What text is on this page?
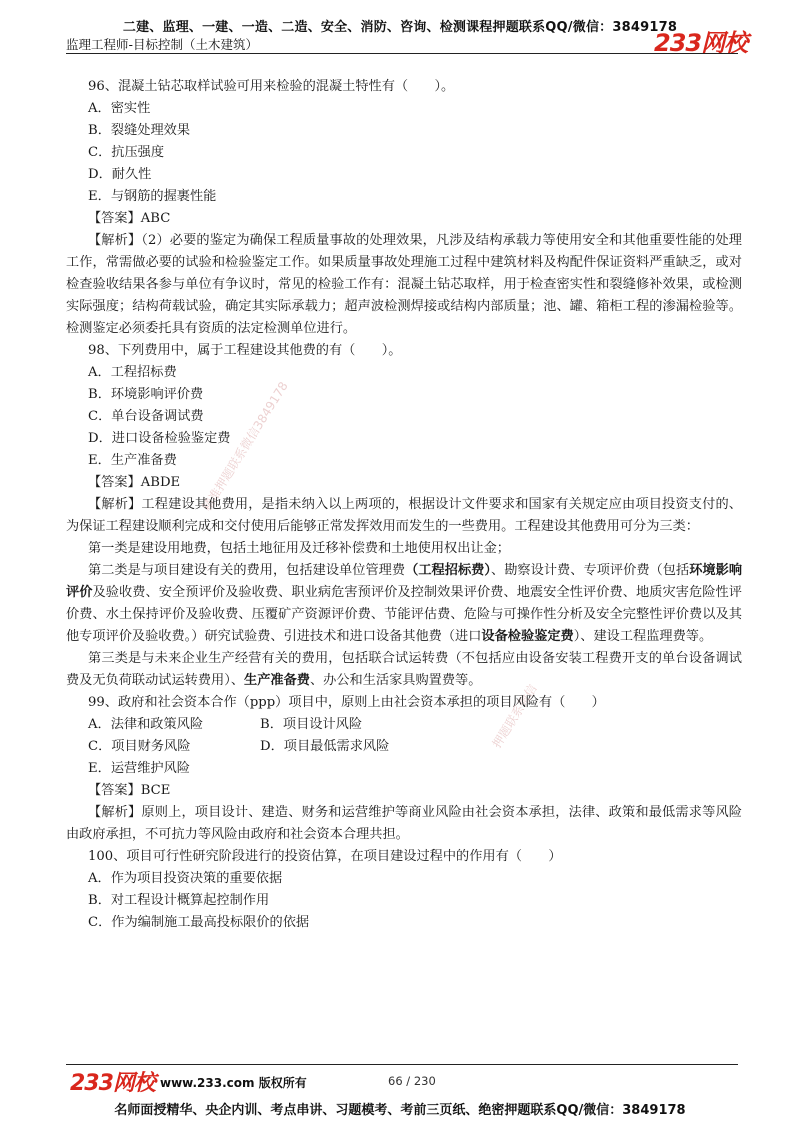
二建、监理、一建、一造、二造、安全、消防、咨询、检测课程押题联系QQ/微信：3849178
监理工程师-目标控制（土木建筑）	233网校
精准押题联系微信3849178
押题联系微信

96、混凝土钻芯取样试验可用来检验的混凝土特性有（　　）。

A．密实性

B．裂缝处理效果

C．抗压强度

D．耐久性

E．与钢筋的握裹性能

【答案】ABC

【解析】（2）必要的鉴定为确保工程质量事故的处理效果，凡涉及结构承载力等使用安全和其他重要性能的处理工作，常需做必要的试验和检验鉴定工作。如果质量事故处理施工过程中建筑材料及构配件保证资料严重缺乏，或对检查验收结果各参与单位有争议时，常见的检验工作有：混凝土钻芯取样，用于检查密实性和裂缝修补效果，或检测实际强度；结构荷载试验，确定其实际承载力；超声波检测焊接或结构内部质量；池、罐、箱柜工程的渗漏检验等。检测鉴定必须委托具有资质的法定检测单位进行。

98、下列费用中，属于工程建设其他费的有（　　）。

A．工程招标费

B．环境影响评价费

C．单台设备调试费

D．进口设备检验鉴定费

E．生产准备费

【答案】ABDE

【解析】工程建设其他费用，是指未纳入以上两项的，根据设计文件要求和国家有关规定应由项目投资支付的、为保证工程建设顺利完成和交付使用后能够正常发挥效用而发生的一些费用。工程建设其他费用可分为三类：

第一类是建设用地费，包括土地征用及迁移补偿费和土地使用权出让金；

第二类是与项目建设有关的费用，包括建设单位管理费（工程招标费）、勘察设计费、专项评价费（包括环境影响评价及验收费、安全预评价及验收费、职业病危害预评价及控制效果评价费、地震安全性评价费、地质灾害危险性评价费、水土保持评价及验收费、压覆矿产资源评价费、节能评估费、危险与可操作性分析及安全完整性评价费以及其他专项评价及验收费。）研究试验费、引进技术和进口设备其他费（进口设备检验鉴定费）、建设工程监理费等。

第三类是与未来企业生产经营有关的费用，包括联合试运转费（不包括应由设备安装工程费开支的单台设备调试费及无负荷联动试运转费用）、生产准备费、办公和生活家具购置费等。

99、政府和社会资本合作（ppp）项目中，原则上由社会资本承担的项目风险有（　　）

A．法律和政策风险	B．项目设计风险

C．项目财务风险	D．项目最低需求风险

E．运营维护风险

【答案】BCE

【解析】原则上，项目设计、建造、财务和运营维护等商业风险由社会资本承担，法律、政策和最低需求等风险由政府承担，不可抗力等风险由政府和社会资本合理共担。

100、项目可行性研究阶段进行的投资估算，在项目建设过程中的作用有（　　）

A．作为项目投资决策的重要依据

B．对工程设计概算起控制作用

C．作为编制施工最高投标限价的依据

233网校 www.233.com 版权所有	66 / 230
名师面授精华、央企内训、考点串讲、习题模考、考前三页纸、绝密押题联系QQ/微信：3849178
